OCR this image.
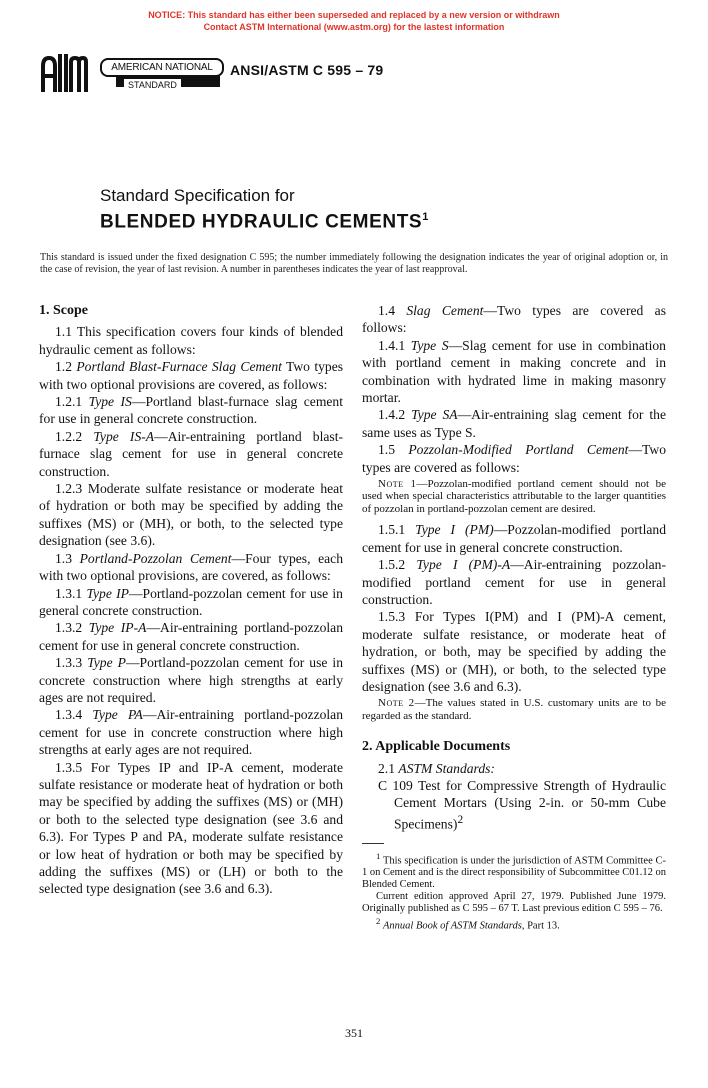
NOTICE: This standard has either been superseded and replaced by a new version or withdrawn
Contact ASTM International (www.astm.org) for the lastest information
AMERICAN NATIONAL
STANDARD
ANSI/ASTM C 595 – 79
Standard Specification for
BLENDED HYDRAULIC CEMENTS$^1$
This standard is issued under the fixed designation C 595; the number immediately following the designation indicates the year of original adoption or, in the case of revision, the year of last revision. A number in parentheses indicates the year of last reapproval.
1. Scope

1.1 This specification covers four kinds of blended hydraulic cement as follows:

1.2 Portland Blast-Furnace Slag Cement Two types with two optional provisions are covered, as follows:

1.2.1 Type IS—Portland blast-furnace slag cement for use in general concrete construction.

1.2.2 Type IS-A—Air-entraining portland blast-furnace slag cement for use in general concrete construction.

1.2.3 Moderate sulfate resistance or moderate heat of hydration or both may be specified by adding the suffixes (MS) or (MH), or both, to the selected type designation (see 3.6).

1.3 Portland-Pozzolan Cement—Four types, each with two optional provisions, are covered, as follows:

1.3.1 Type IP—Portland-pozzolan cement for use in general concrete construction.

1.3.2 Type IP-A—Air-entraining portland-pozzolan cement for use in general concrete construction.

1.3.3 Type P—Portland-pozzolan cement for use in concrete construction where high strengths at early ages are not required.

1.3.4 Type PA—Air-entraining portland-pozzolan cement for use in concrete construction where high strengths at early ages are not required.

1.3.5 For Types IP and IP-A cement, moderate sulfate resistance or moderate heat of hydration or both may be specified by adding the suffixes (MS) or (MH) or both to the selected type designation (see 3.6 and 6.3). For Types P and PA, moderate sulfate resistance or low heat of hydration or both may be specified by adding the suffixes (MS) or (LH) or both to the selected type designation (see 3.6 and 6.3).

1.4 Slag Cement—Two types are covered as follows:

1.4.1 Type S—Slag cement for use in combination with portland cement in making concrete and in combination with hydrated lime in making masonry mortar.

1.4.2 Type SA—Air-entraining slag cement for the same uses as Type S.

1.5 Pozzolan-Modified Portland Cement—Two types are covered as follows:

Note 1—Pozzolan-modified portland cement should not be used when special characteristics attributable to the larger quantities of pozzolan in portland-pozzolan cement are desired.

1.5.1 Type I (PM)—Pozzolan-modified portland cement for use in general concrete construction.

1.5.2 Type I (PM)-A—Air-entraining pozzolan-modified portland cement for use in general construction.

1.5.3 For Types I(PM) and I (PM)-A cement, moderate sulfate resistance, or moderate heat of hydration, or both, may be specified by adding the suffixes (MS) or (MH), or both, to the selected type designation (see 3.6 and 6.3).

Note 2—The values stated in U.S. customary units are to be regarded as the standard.

2. Applicable Documents

2.1 ASTM Standards:

C 109 Test for Compressive Strength of Hydraulic Cement Mortars (Using 2-in. or 50-mm Cube Specimens)$^2$

$^1$ This specification is under the jurisdiction of ASTM Committee C-1 on Cement and is the direct responsibility of Subcommittee C01.12 on Blended Cement.

Current edition approved April 27, 1979. Published June 1979. Originally published as C 595 – 67 T. Last previous edition C 595 – 76.

$^2$ Annual Book of ASTM Standards, Part 13.

351
